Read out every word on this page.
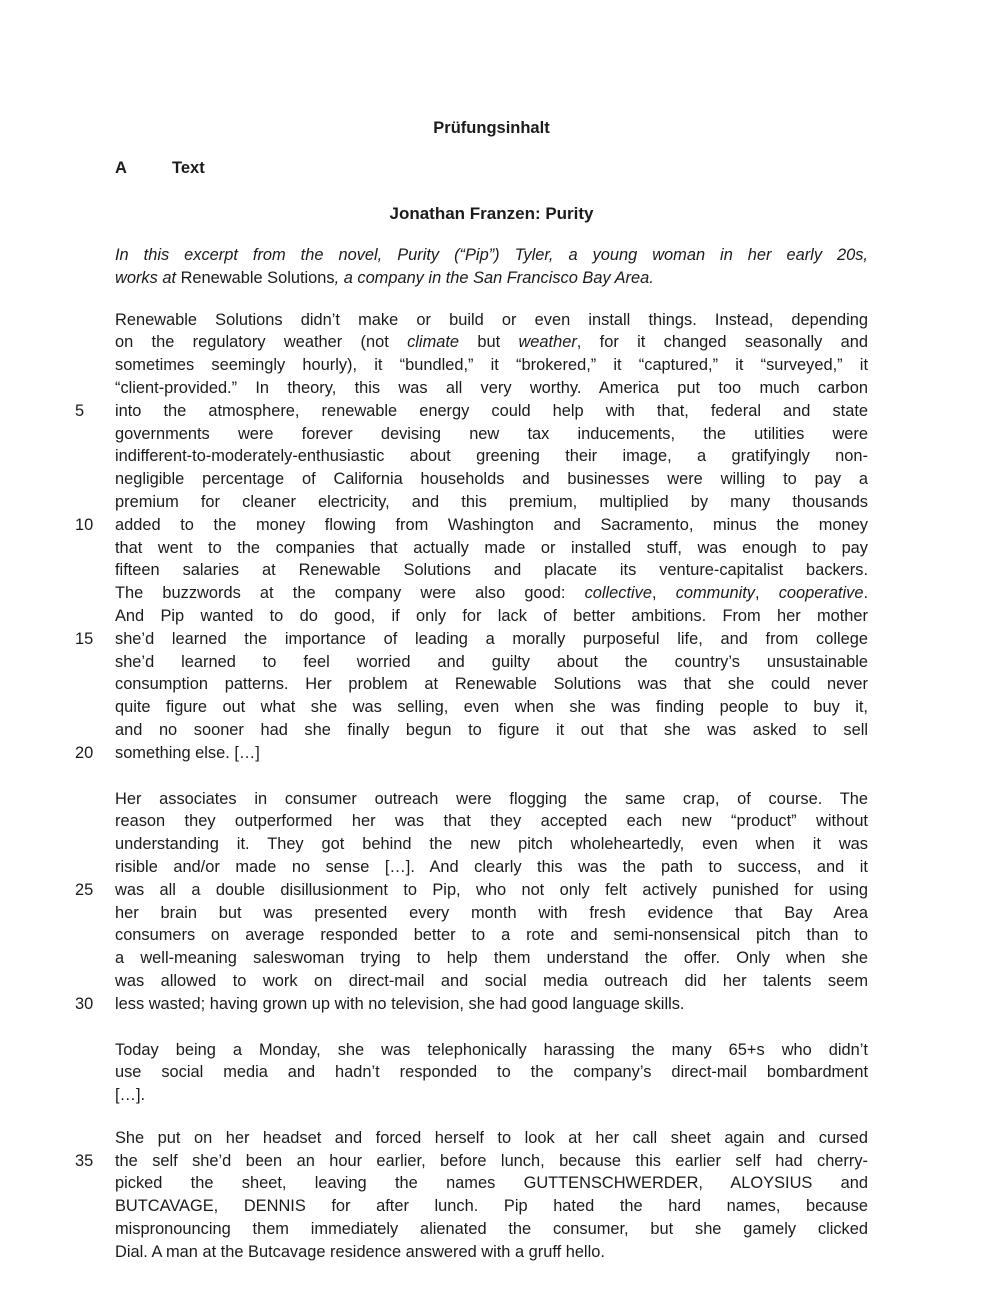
Prüfungsinhalt
A	Text
Jonathan Franzen: Purity
In this excerpt from the novel, Purity (“Pip”) Tyler, a young woman in her early 20s,
works at Renewable Solutions, a company in the San Francisco Bay Area.
Renewable Solutions didn’t make or build or even install things. Instead, depending
on the regulatory weather (not climate but weather, for it changed seasonally and
sometimes seemingly hourly), it “bundled,” it “brokered,” it “captured,” it “surveyed,” it
“client-provided.” In theory, this was all very worthy. America put too much carbon
5	into the atmosphere, renewable energy could help with that, federal and state
governments were forever devising new tax inducements, the utilities were
indifferent-to-moderately-enthusiastic about greening their image, a gratifyingly non-
negligible percentage of California households and businesses were willing to pay a
premium for cleaner electricity, and this premium, multiplied by many thousands
10	added to the money flowing from Washington and Sacramento, minus the money
that went to the companies that actually made or installed stuff, was enough to pay
fifteen salaries at Renewable Solutions and placate its venture-capitalist backers.
The buzzwords at the company were also good: collective, community, cooperative.
And Pip wanted to do good, if only for lack of better ambitions. From her mother
15	she’d learned the importance of leading a morally purposeful life, and from college
she’d learned to feel worried and guilty about the country’s unsustainable
consumption patterns. Her problem at Renewable Solutions was that she could never
quite figure out what she was selling, even when she was finding people to buy it,
and no sooner had she finally begun to figure it out that she was asked to sell
20	something else. […]
Her associates in consumer outreach were flogging the same crap, of course. The
reason they outperformed her was that they accepted each new “product” without
understanding it. They got behind the new pitch wholeheartedly, even when it was
risible and/or made no sense […]. And clearly this was the path to success, and it
25	was all a double disillusionment to Pip, who not only felt actively punished for using
her brain but was presented every month with fresh evidence that Bay Area
consumers on average responded better to a rote and semi-nonsensical pitch than to
a well-meaning saleswoman trying to help them understand the offer. Only when she
was allowed to work on direct-mail and social media outreach did her talents seem
30	less wasted; having grown up with no television, she had good language skills.
Today being a Monday, she was telephonically harassing the many 65+s who didn’t
use social media and hadn’t responded to the company’s direct-mail bombardment
[…].
She put on her headset and forced herself to look at her call sheet again and cursed
35	the self she’d been an hour earlier, before lunch, because this earlier self had cherry-
picked the sheet, leaving the names GUTTENSCHWERDER, ALOYSIUS and
BUTCAVAGE, DENNIS for after lunch. Pip hated the hard names, because
mispronouncing them immediately alienated the consumer, but she gamely clicked
Dial. A man at the Butcavage residence answered with a gruff hello.
